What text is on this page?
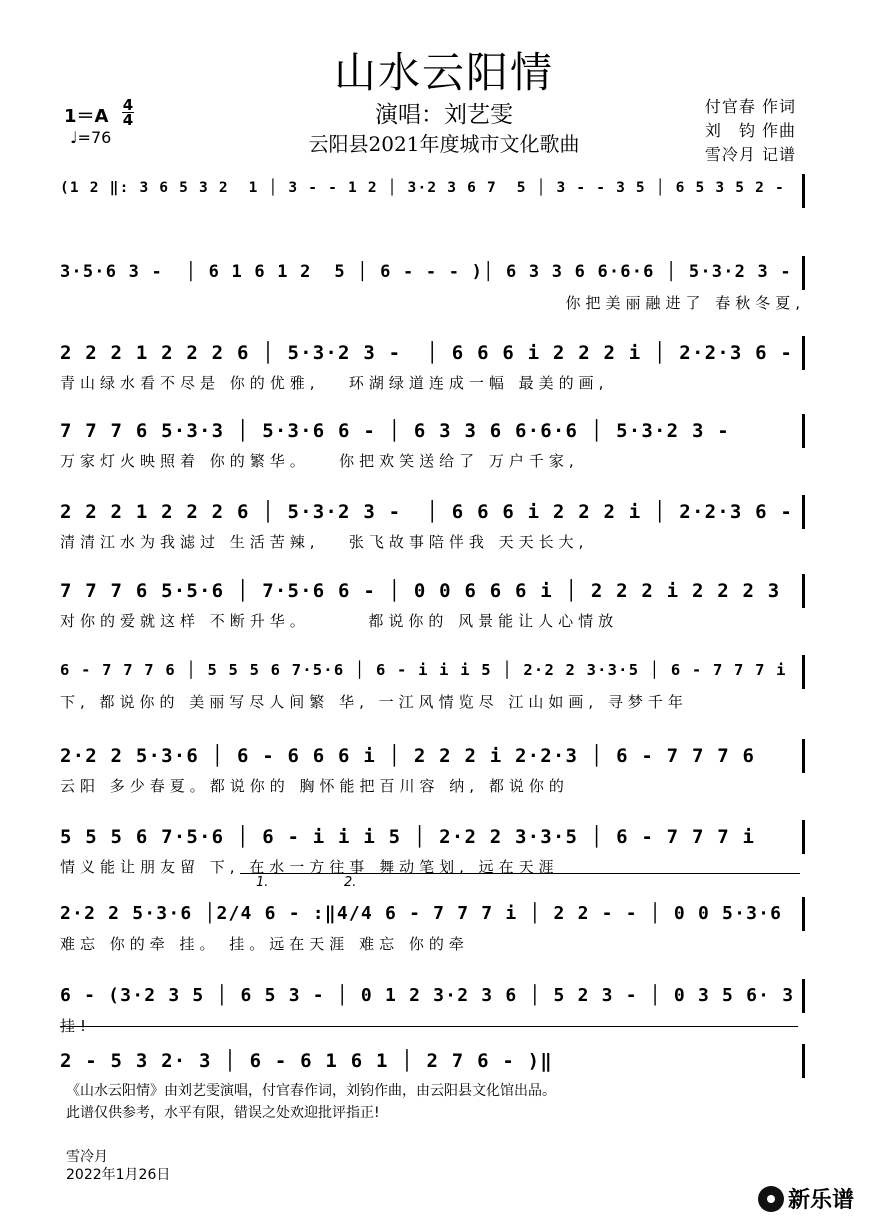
山水云阳情
演唱：刘艺雯
云阳县2021年度城市文化歌曲
付官春 作词
刘　钧 作曲
雪冷月 记谱
1＝A
4
4
♩=76
(1 2 ‖: 3 6 5 3 2  1 │ 3 - - 1 2 │ 3·2 3 6 7  5 │ 3 - - 3 5 │ 6 5 3 5 2 -
3·5·6 3 -  │ 6 1 6 1 2  5 │ 6 - - - )│ 6 3 3 6 6·6·6 │ 5·3·2 3 -
你把美丽融进了 春秋冬夏,
2 2 2 1 2 2 2 6 │ 5·3·2 3 -  │ 6 6 6 i 2 2 2 i │ 2·2·3 6 -
青山绿水看不尽是 你的优雅,   环湖绿道连成一幅 最美的画,
7 7 7 6 5·3·3 │ 5·3·6 6 - │ 6 3 3 6 6·6·6 │ 5·3·2 3 -
万家灯火映照着 你的繁华。   你把欢笑送给了 万户千家,
2 2 2 1 2 2 2 6 │ 5·3·2 3 -  │ 6 6 6 i 2 2 2 i │ 2·2·3 6 -
清清江水为我滤过 生活苦辣,   张飞故事陪伴我 天天长大,
7 7 7 6 5·5·6 │ 7·5·6 6 - │ 0 0 6 6 6 i │ 2 2 2 i 2 2 2 3
对你的爱就这样 不断升华。      都说你的 风景能让人心情放
6 - 7 7 7 6 │ 5 5 5 6 7·5·6 │ 6 - i i i 5 │ 2·2 2 3·3·5 │ 6 - 7 7 7 i
下, 都说你的 美丽写尽人间繁 华, 一江风情览尽 江山如画, 寻梦千年
2·2 2 5·3·6 │ 6 - 6 6 6 i │ 2 2 2 i 2·2·3 │ 6 - 7 7 7 6
云阳 多少春夏。都说你的 胸怀能把百川容 纳, 都说你的
5 5 5 6 7·5·6 │ 6 - i i i 5 │ 2·2 2 3·3·5 │ 6 - 7 7 7 i
情义能让朋友留 下, 在水一方往事 舞动笔划, 远在天涯
2·2 2 5·3·6 │2/4 6 - :‖4/4 6 - 7 7 7 i │ 2 2 - - │ 0 0 5·3·6
难忘 你的牵 挂。 挂。远在天涯 难忘 你的牵
6 - (3·2 3 5 │ 6 5 3 - │ 0 1 2 3·2 3 6 │ 5 2 3 - │ 0 3 5 6· 3
挂!
2 - 5 3 2· 3 │ 6 - 6 1 6 1 │ 2 7 6 - )‖
1.	2.
《山水云阳情》由刘艺雯演唱，付官春作词，刘钧作曲，由云阳县文化馆出品。
此谱仅供参考，水平有限，错误之处欢迎批评指正!
雪冷月
2022年1月26日
新乐谱
